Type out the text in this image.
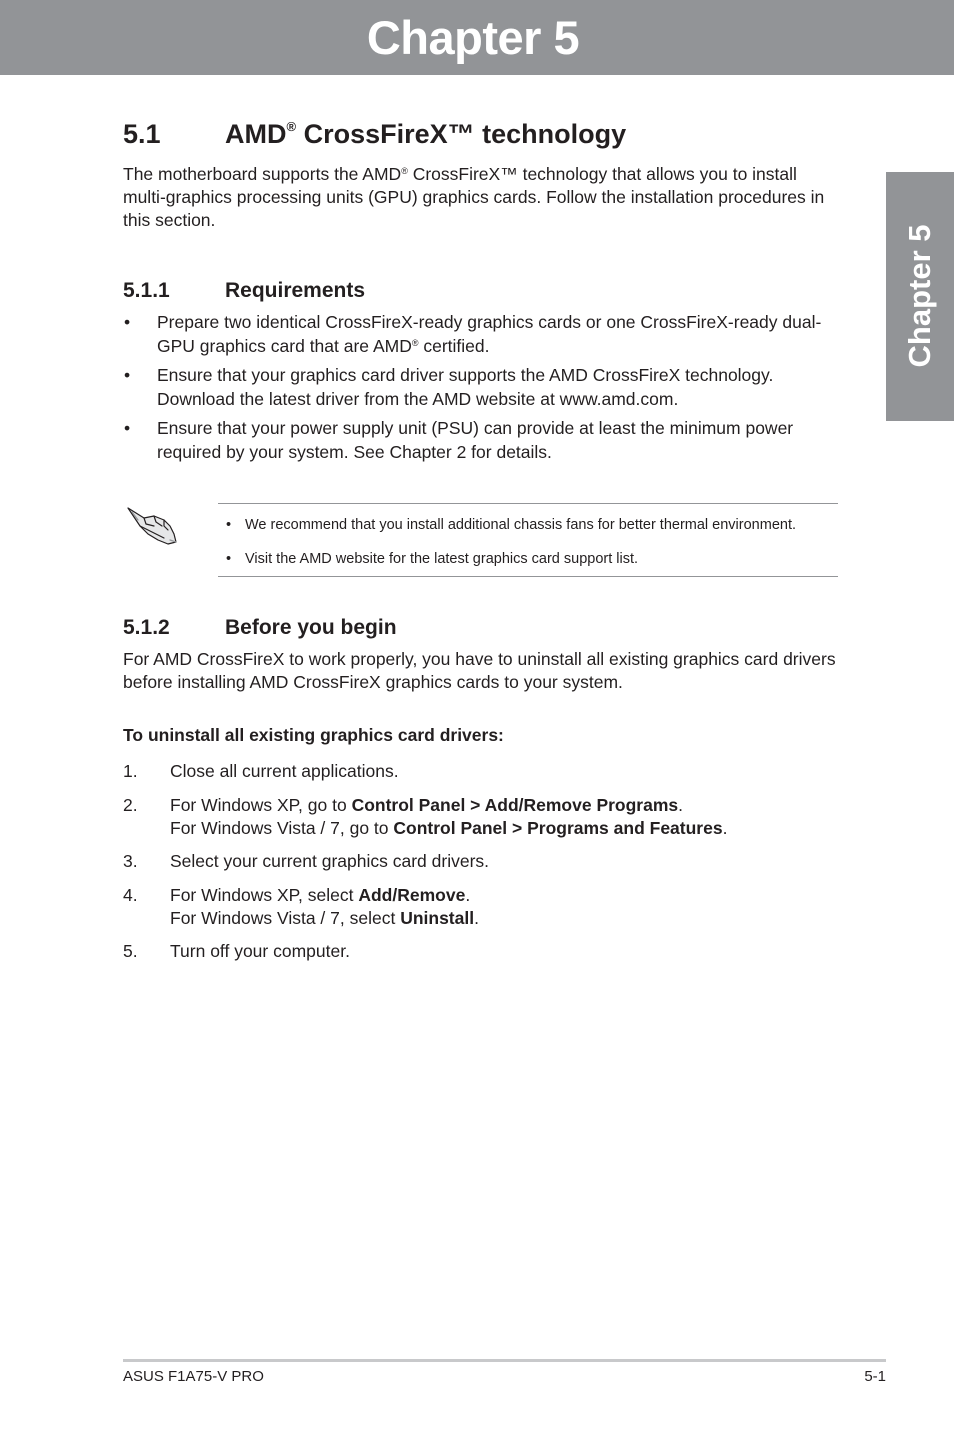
Chapter 5
Chapter 5
5.1 AMD® CrossFireX™ technology
The motherboard supports the AMD® CrossFireX™ technology that allows you to install
multi-graphics processing units (GPU) graphics cards. Follow the installation procedures in
this section.
5.1.1	Requirements
• Prepare two identical CrossFireX-ready graphics cards or one CrossFireX-ready dual-
GPU graphics card that are AMD® certified.
• Ensure that your graphics card driver supports the AMD CrossFireX technology.
Download the latest driver from the AMD website at www.amd.com.
• Ensure that your power supply unit (PSU) can provide at least the minimum power
required by your system. See Chapter 2 for details.
• We recommend that you install additional chassis fans for better thermal environment.
• Visit the AMD website for the latest graphics card support list.
5.1.2	Before you begin
For AMD CrossFireX to work properly, you have to uninstall all existing graphics card drivers
before installing AMD CrossFireX graphics cards to your system.
To uninstall all existing graphics card drivers:
1. Close all current applications.
2. For Windows XP, go to Control Panel > Add/Remove Programs.
For Windows Vista / 7, go to Control Panel > Programs and Features.
3. Select your current graphics card drivers.
4. For Windows XP, select Add/Remove.
For Windows Vista / 7, select Uninstall.
5. Turn off your computer.
ASUS F1A75-V PRO	5-1
